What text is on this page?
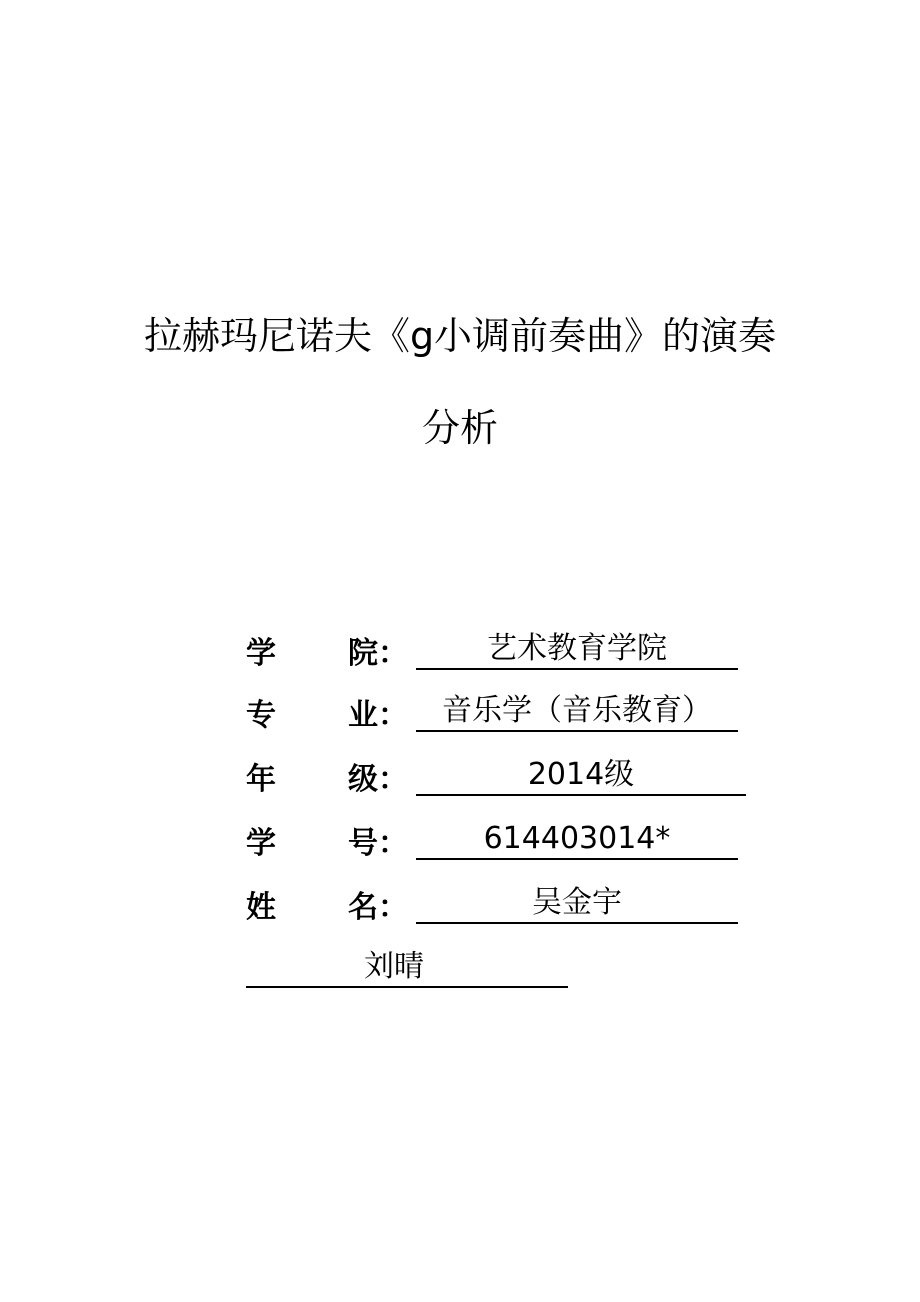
拉赫玛尼诺夫《g小调前奏曲》的演奏
分析
学 院：	艺术教育学院
专 业：	音乐学（音乐教育）
年 级：	2014级
学 号：	614403014*
姓 名：	吴金宇
刘晴
